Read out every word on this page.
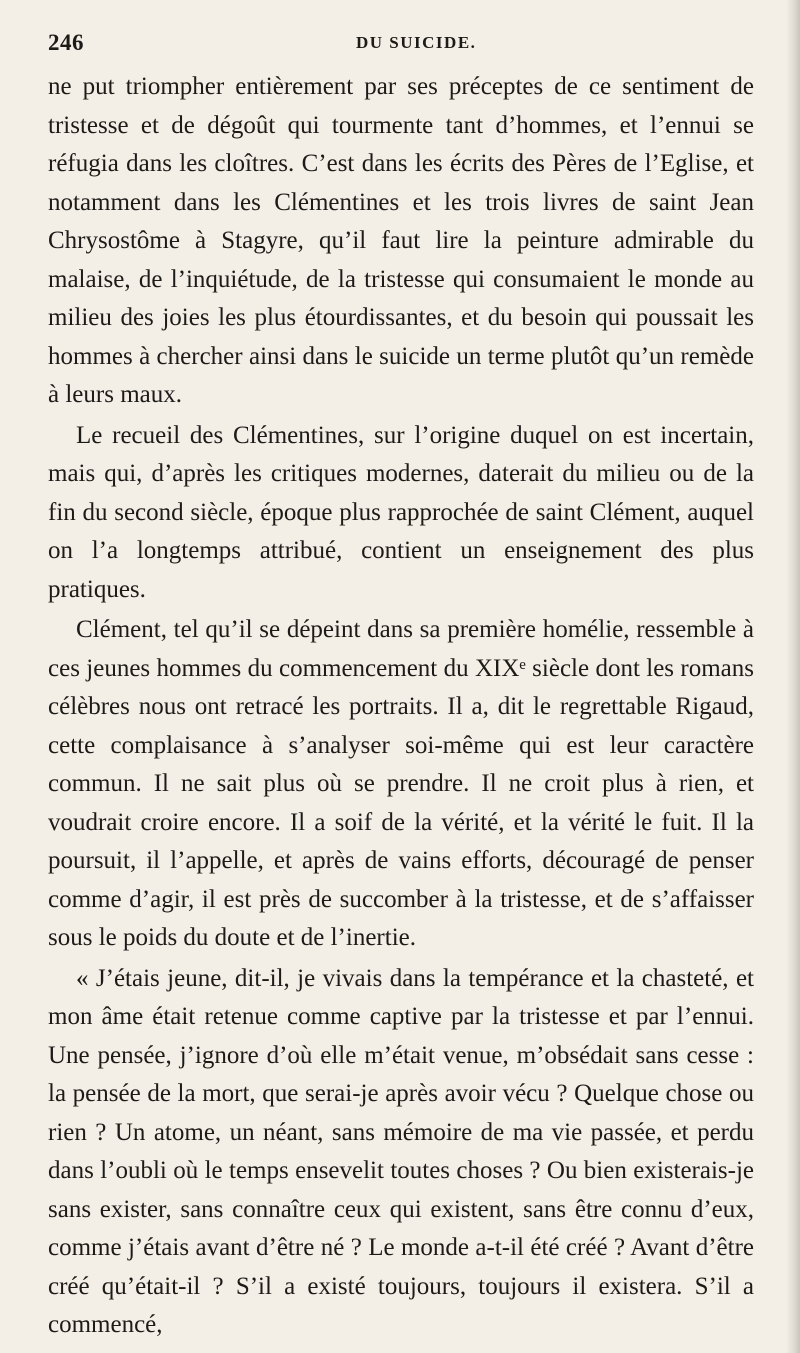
246	DU SUICIDE.

ne put triompher entièrement par ses préceptes de ce sentiment de tristesse et de dégoût qui tourmente tant d’hommes, et l’ennui se réfugia dans les cloîtres. C’est dans les écrits des Pères de l’Eglise, et notamment dans les Clémentines et les trois livres de saint Jean Chrysostôme à Stagyre, qu’il faut lire la peinture admirable du malaise, de l’inquiétude, de la tristesse qui consumaient le monde au milieu des joies les plus étourdissantes, et du besoin qui poussait les hommes à chercher ainsi dans le suicide un terme plutôt qu’un remède à leurs maux.

Le recueil des Clémentines, sur l’origine duquel on est incertain, mais qui, d’après les critiques modernes, daterait du milieu ou de la fin du second siècle, époque plus rapprochée de saint Clément, auquel on l’a longtemps attribué, contient un enseignement des plus pratiques.

Clément, tel qu’il se dépeint dans sa première homélie, ressemble à ces jeunes hommes du commencement du XIXᵉ siècle dont les romans célèbres nous ont retracé les portraits. Il a, dit le regrettable Rigaud, cette complaisance à s’analyser soi-même qui est leur caractère commun. Il ne sait plus où se prendre. Il ne croit plus à rien, et voudrait croire encore. Il a soif de la vérité, et la vérité le fuit. Il la poursuit, il l’appelle, et après de vains efforts, découragé de penser comme d’agir, il est près de succomber à la tristesse, et de s’affaisser sous le poids du doute et de l’inertie.

« J’étais jeune, dit-il, je vivais dans la tempérance et la chasteté, et mon âme était retenue comme captive par la tristesse et par l’ennui. Une pensée, j’ignore d’où elle m’était venue, m’obsédait sans cesse : la pensée de la mort, que serai-je après avoir vécu ? Quelque chose ou rien ? Un atome, un néant, sans mémoire de ma vie passée, et perdu dans l’oubli où le temps ensevelit toutes choses ? Ou bien existerais-je sans exister, sans connaître ceux qui existent, sans être connu d’eux, comme j’étais avant d’être né ? Le monde a-t-il été créé ? Avant d’être créé qu’était-il ? S’il a existé toujours, toujours il existera. S’il a commencé,
